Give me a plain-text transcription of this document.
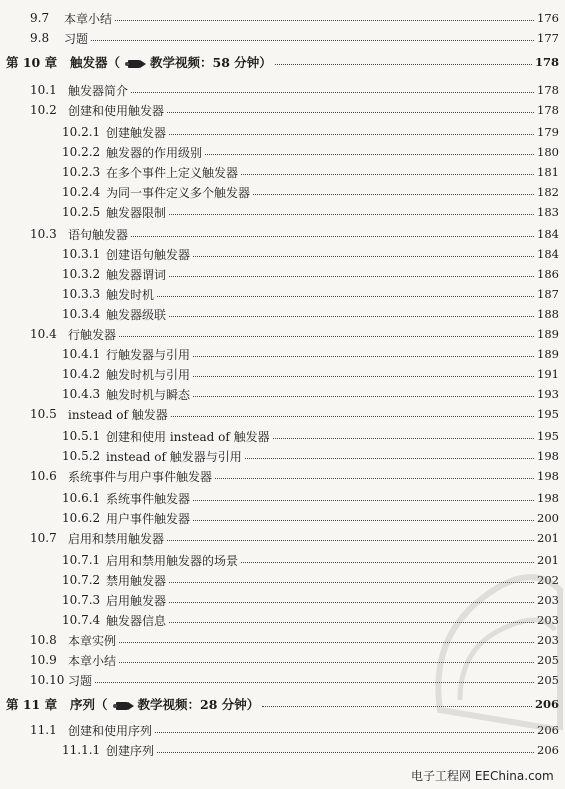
9.7 本章小结	176
9.8 习题	177
第 10 章 触发器（ 教学视频：58 分钟）	178
10.1 触发器简介	178
10.2 创建和使用触发器	178
10.2.1 创建触发器	179
10.2.2 触发器的作用级别	180
10.2.3 在多个事件上定义触发器	181
10.2.4 为同一事件定义多个触发器	182
10.2.5 触发器限制	183
10.3 语句触发器	184
10.3.1 创建语句触发器	184
10.3.2 触发器谓词	186
10.3.3 触发时机	187
10.3.4 触发器级联	188
10.4 行触发器	189
10.4.1 行触发器与引用	189
10.4.2 触发时机与引用	191
10.4.3 触发时机与瞬态	193
10.5 instead of 触发器	195
10.5.1 创建和使用 instead of 触发器	195
10.5.2 instead of 触发器与引用	198
10.6 系统事件与用户事件触发器	198
10.6.1 系统事件触发器	198
10.6.2 用户事件触发器	200
10.7 启用和禁用触发器	201
10.7.1 启用和禁用触发器的场景	201
10.7.2 禁用触发器	202
10.7.3 启用触发器	203
10.7.4 触发器信息	203
10.8 本章实例	203
10.9 本章小结	205
10.10 习题	205
第 11 章 序列（ 教学视频：28 分钟）	206
11.1 创建和使用序列	206
11.1.1 创建序列	206
电子工程网 EEChina.com
